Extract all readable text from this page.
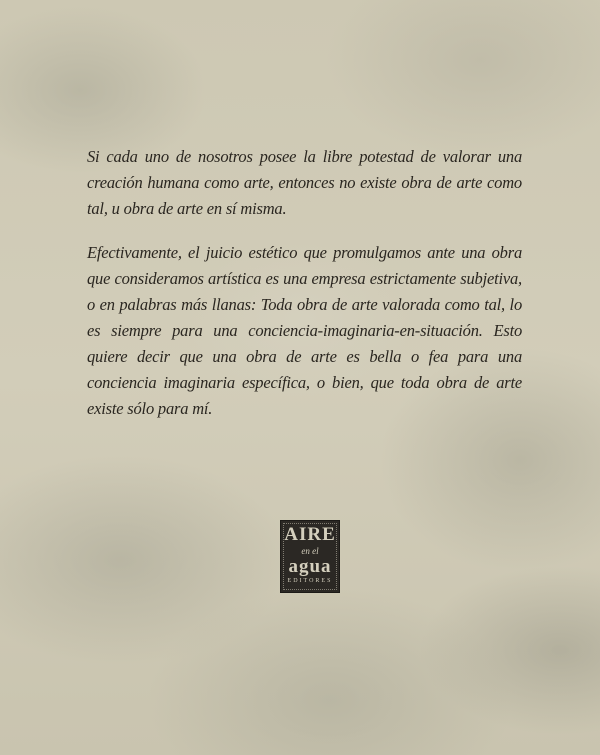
Si cada uno de nosotros posee la libre potestad de valorar una creación humana como arte, entonces no existe obra de arte como tal, u obra de arte en sí misma.

Efectivamente, el juicio estético que promulgamos ante una obra que consideramos artística es una empresa estrictamente subjetiva, o en palabras más llanas: Toda obra de arte valorada como tal, lo es siempre para una conciencia-imaginaria-en-situación. Esto quiere decir que una obra de arte es bella o fea para una conciencia imaginaria específica, o bien, que toda obra de arte existe sólo para mí.

AIRE
en el
agua
EDITORES
